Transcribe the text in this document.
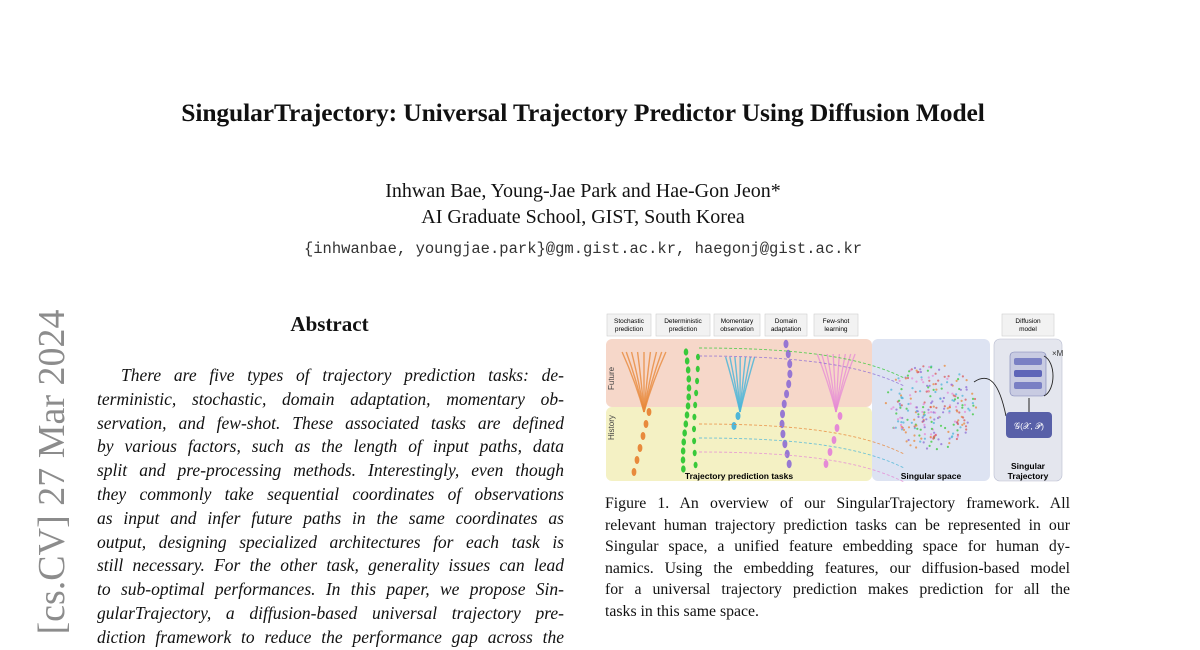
SingularTrajectory: Universal Trajectory Predictor Using Diffusion Model
Inhwan Bae, Young-Jae Park and Hae-Gon Jeon*
AI Graduate School, GIST, South Korea
{inhwanbae, youngjae.park}@gm.gist.ac.kr, haegonj@gist.ac.kr
[cs.CV] 27 Mar 2024	Abstract
There are five types of trajectory prediction tasks: de-
terministic, stochastic, domain adaptation, momentary ob-
servation, and few-shot. These associated tasks are defined
by various factors, such as the length of input paths, data
split and pre-processing methods. Interestingly, even though
they commonly take sequential coordinates of observations
as input and infer future paths in the same coordinates as
output, designing specialized architectures for each task is
still necessary. For the other task, generality issues can lead
to sub-optimal performances. In this paper, we propose Sin-
gularTrajectory, a diffusion-based universal trajectory pre-
diction framework to reduce the performance gap across the
Stochastic
prediction
Deterministic
prediction
Momentary
observation
Domain
adaptation
Few-shot
learning
Diffusion
model
Future
History
×M
𝒢(𝒳, 𝒫)
Trajectory prediction tasks	Singular space
Singular
Trajectory
Figure 1. An overview of our SingularTrajectory framework. All
relevant human trajectory prediction tasks can be represented in our
Singular space, a unified feature embedding space for human dy-
namics. Using the embedding features, our diffusion-based model
for a universal trajectory prediction makes prediction for all the
tasks in this same space.
